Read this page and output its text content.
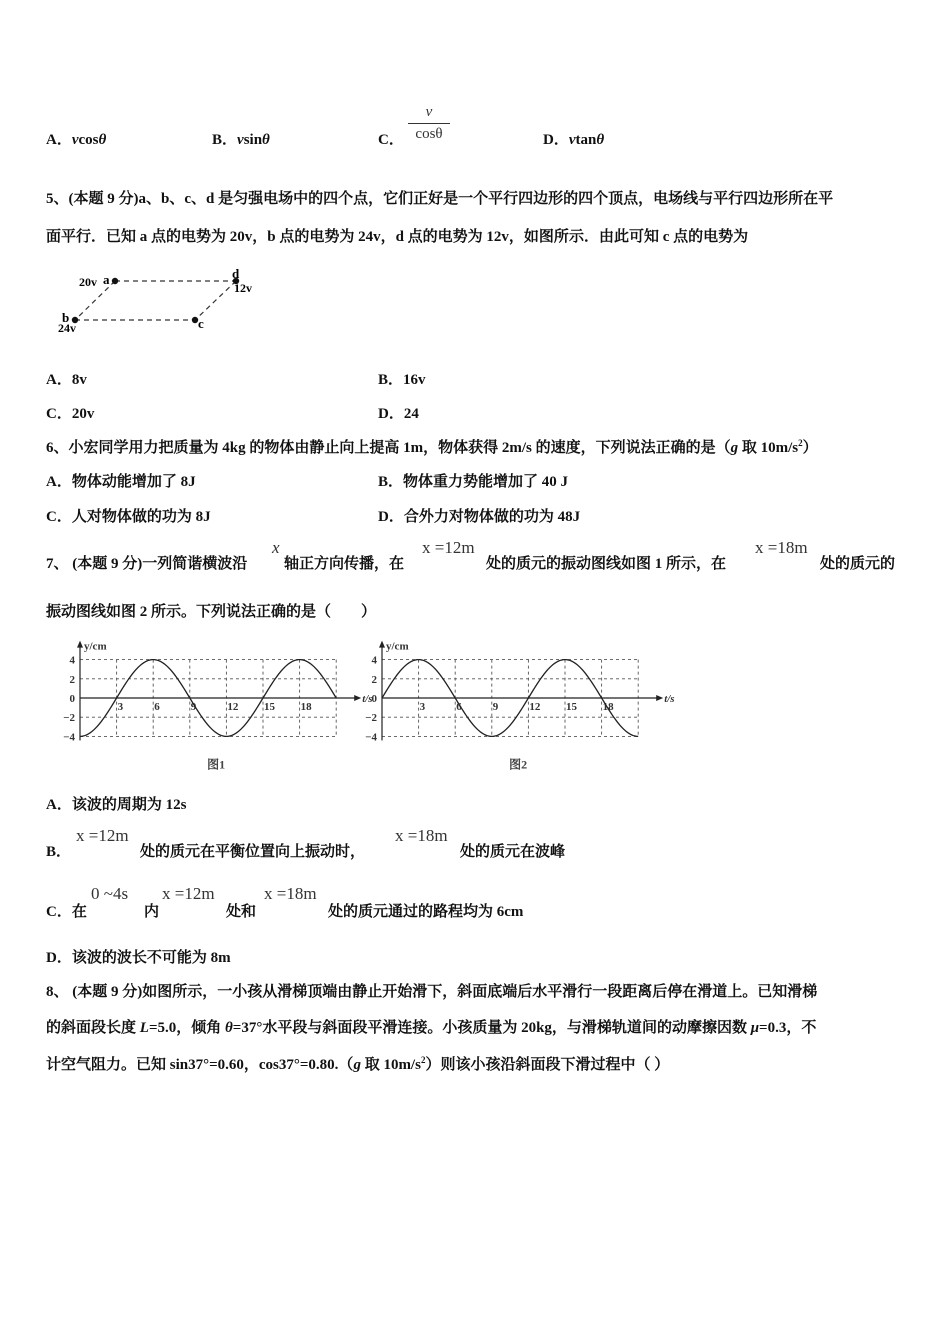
A．vcosθ	B．vsinθ	C．
v
cosθ	D．vtanθ
5、(本题 9 分)a、b、c、d 是匀强电场中的四个点，它们正好是一个平行四边形的四个顶点，电场线与平行四边形所在平
面平行．已知 a 点的电势为 20v，b 点的电势为 24v，d 点的电势为 12v，如图所示．由此可知 c 点的电势为
20v a	d
12v
b
24v	c
A．8v	B．16v
C．20v	D．24
6、小宏同学用力把质量为 4kg 的物体由静止向上提高 1m，物体获得 2m/s 的速度，下列说法正确的是（g 取 $10m/s^2$）
A．物体动能增加了 8J	B．物体重力势能增加了 40 J
C．人对物体做的功为 8J	D．合外力对物体做的功为 48J
7、 (本题 9 分)一列简谐横波沿
x
轴正方向传播，在
x =12m
处的质元的振动图线如图 1 所示，在
x =18m
处的质元的
振动图线如图 2 所示。下列说法正确的是（　　）
4
2
0
−2
−4
3	6	9	12 15 18
y/cm
t/s
图1
4
2
0
−2
−4
3	6	9	12 15 18
y/cm
t/s
图2
A．该波的周期为 12s
B．
x =12m
处的质元在平衡位置向上振动时，
x =18m
处的质元在波峰
C．在
0 ~4s
内
x =12m
处和
x =18m
处的质元通过的路程均为 6cm
D．该波的波长不可能为 8m
8、 (本题 9 分)如图所示，一小孩从滑梯顶端由静止开始滑下，斜面底端后水平滑行一段距离后停在滑道上。已知滑梯
的斜面段长度 L=5.0，倾角 θ=37°水平段与斜面段平滑连接。小孩质量为 20kg，与滑梯轨道间的动摩擦因数 μ=0.3，不
计空气阻力。已知 sin37°=0.60，cos37°=0.80.（g 取 $10m/s^2$）则该小孩沿斜面段下滑过程中（ ）
